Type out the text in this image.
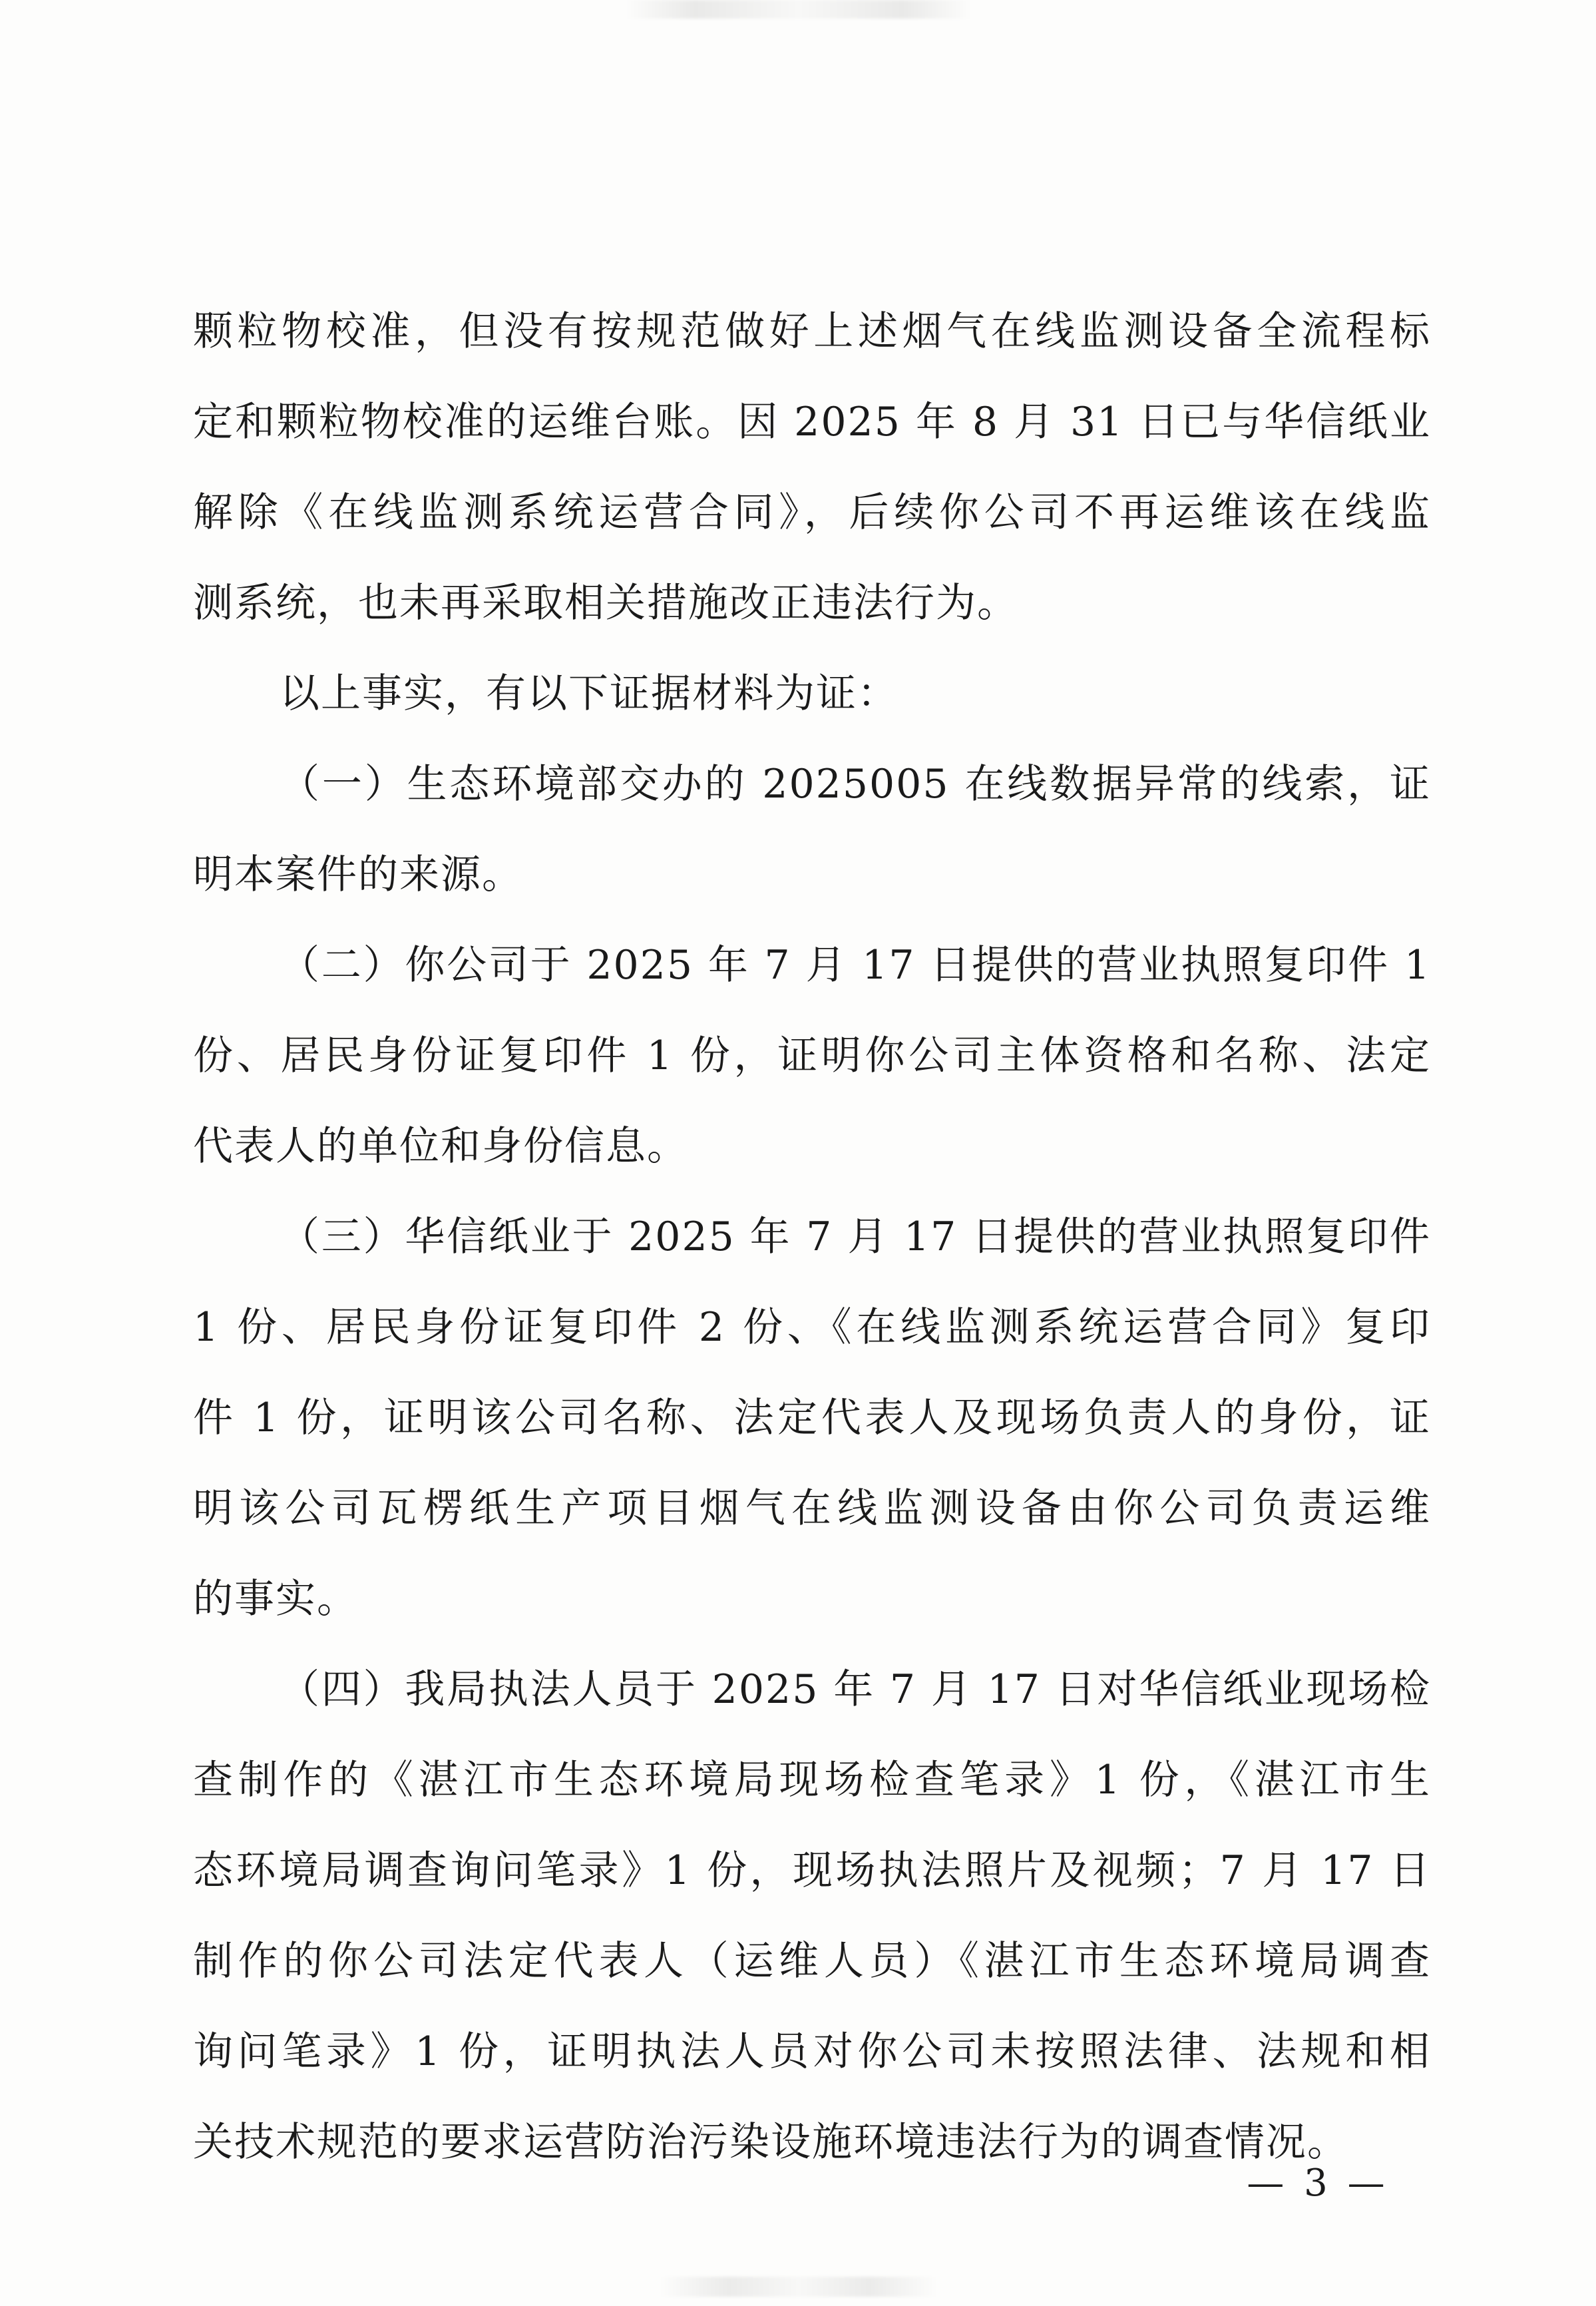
颗粒物校准，但没有按规范做好上述烟气在线监测设备全流程标
定和颗粒物校准的运维台账。因 2025 年 8 月 31 日已与华信纸业
解除《在线监测系统运营合同》，后续你公司不再运维该在线监
测系统，也未再采取相关措施改正违法行为。
以上事实，有以下证据材料为证：
（一）生态环境部交办的 2025005 在线数据异常的线索，证
明本案件的来源。
（二）你公司于 2025 年 7 月 17 日提供的营业执照复印件 1
份、居民身份证复印件 1 份，证明你公司主体资格和名称、法定
代表人的单位和身份信息。
（三）华信纸业于 2025 年 7 月 17 日提供的营业执照复印件
1 份、居民身份证复印件 2 份、《在线监测系统运营合同》复印
件 1 份，证明该公司名称、法定代表人及现场负责人的身份，证
明该公司瓦楞纸生产项目烟气在线监测设备由你公司负责运维
的事实。
（四）我局执法人员于 2025 年 7 月 17 日对华信纸业现场检
查制作的《湛江市生态环境局现场检查笔录》1 份，《湛江市生
态环境局调查询问笔录》1 份，现场执法照片及视频；7 月 17 日
制作的你公司法定代表人（运维人员）《湛江市生态环境局调查
询问笔录》1 份，证明执法人员对你公司未按照法律、法规和相
关技术规范的要求运营防治污染设施环境违法行为的调查情况。
— 3 —
